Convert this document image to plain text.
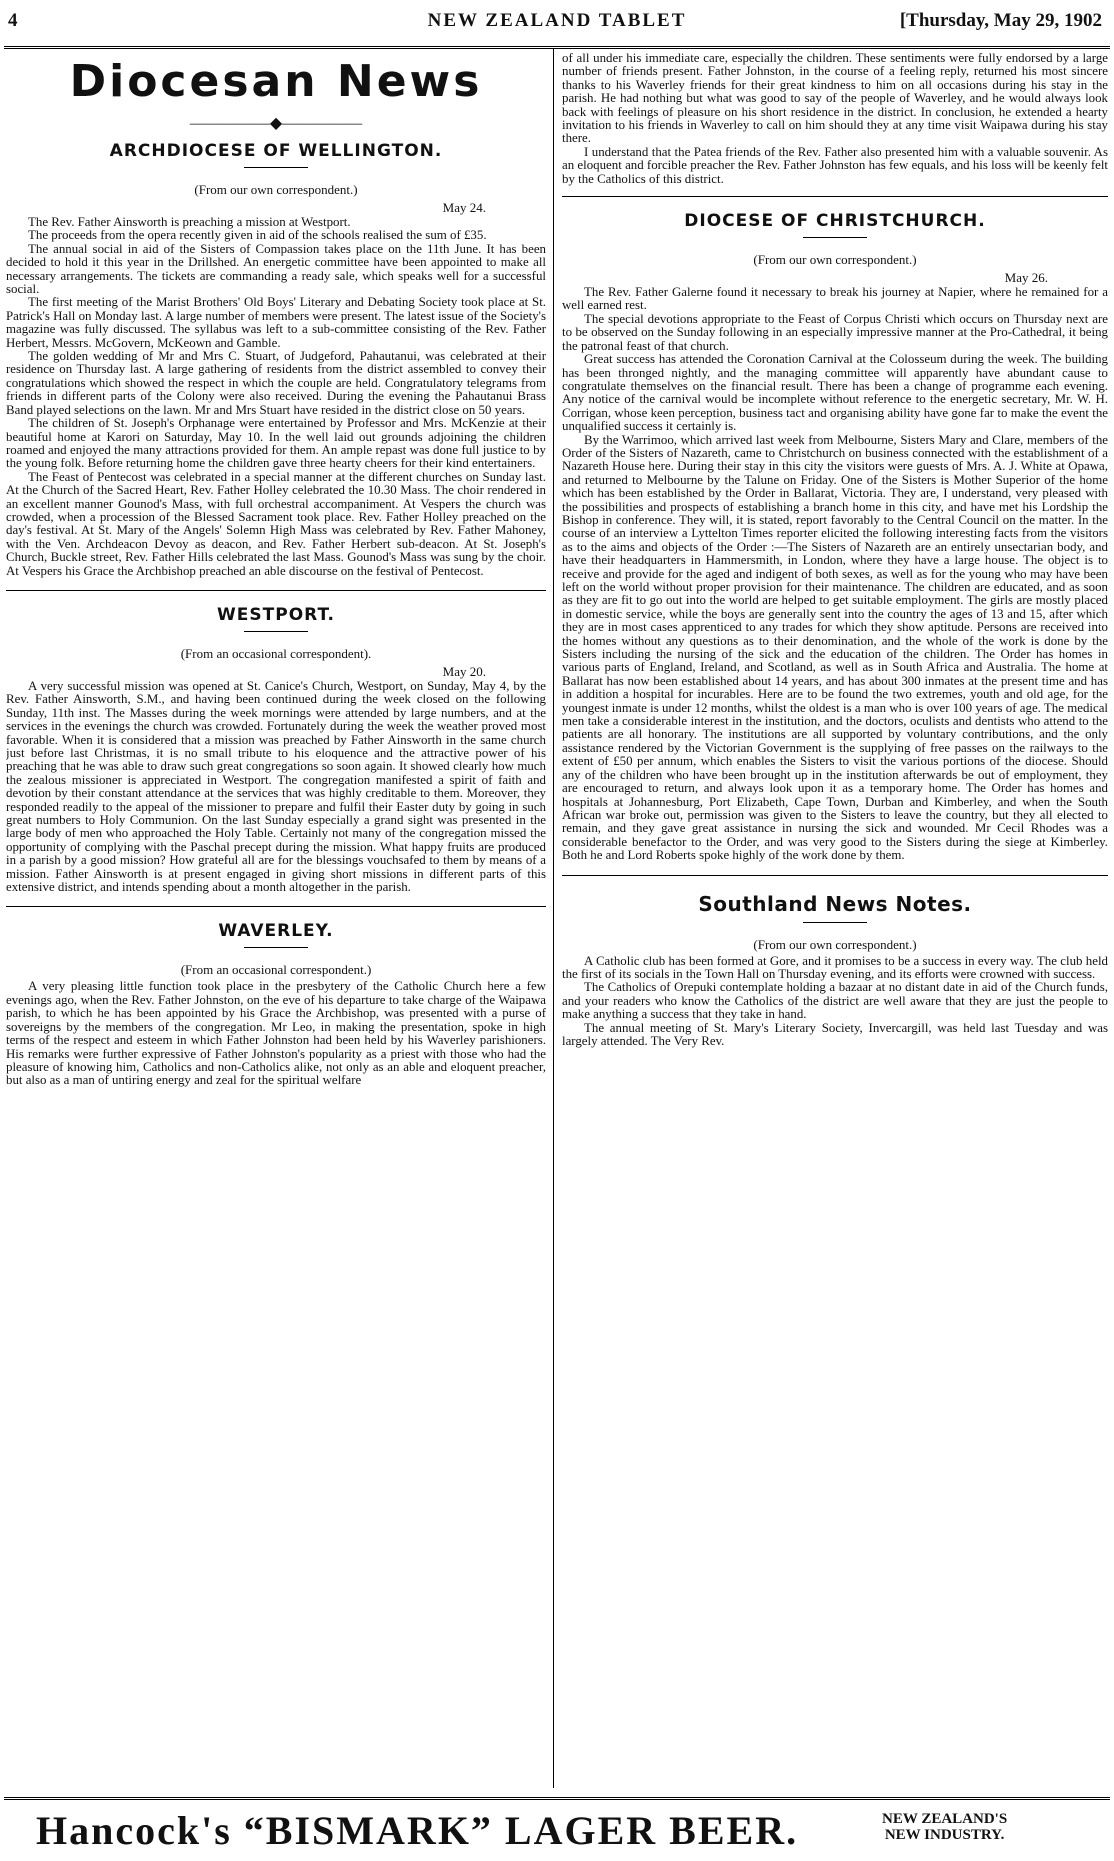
4	NEW ZEALAND TABLET	[Thursday, May 29, 1902
Diocesan News
—————◆—————
ARCHDIOCESE OF WELLINGTON.
(From our own correspondent.)
May 24.

The Rev. Father Ainsworth is preaching a mission at Westport.

The proceeds from the opera recently given in aid of the schools realised the sum of £35.

The annual social in aid of the Sisters of Compassion takes place on the 11th June. It has been decided to hold it this year in the Drillshed. An energetic committee have been appointed to make all necessary arrangements. The tickets are commanding a ready sale, which speaks well for a successful social.

The first meeting of the Marist Brothers' Old Boys' Literary and Debating Society took place at St. Patrick's Hall on Monday last. A large number of members were present. The latest issue of the Society's magazine was fully discussed. The syllabus was left to a sub-committee consisting of the Rev. Father Herbert, Messrs. McGovern, McKeown and Gamble.

The golden wedding of Mr and Mrs C. Stuart, of Judgeford, Pahautanui, was celebrated at their residence on Thursday last. A large gathering of residents from the district assembled to convey their congratulations which showed the respect in which the couple are held. Congratulatory telegrams from friends in different parts of the Colony were also received. During the evening the Pahautanui Brass Band played selections on the lawn. Mr and Mrs Stuart have resided in the district close on 50 years.

The children of St. Joseph's Orphanage were entertained by Professor and Mrs. McKenzie at their beautiful home at Karori on Saturday, May 10. In the well laid out grounds adjoining the children roamed and enjoyed the many attractions provided for them. An ample repast was done full justice to by the young folk. Before returning home the children gave three hearty cheers for their kind entertainers.

The Feast of Pentecost was celebrated in a special manner at the different churches on Sunday last. At the Church of the Sacred Heart, Rev. Father Holley celebrated the 10.30 Mass. The choir rendered in an excellent manner Gounod's Mass, with full orchestral accompaniment. At Vespers the church was crowded, when a procession of the Blessed Sacrament took place. Rev. Father Holley preached on the day's festival. At St. Mary of the Angels' Solemn High Mass was celebrated by Rev. Father Mahoney, with the Ven. Archdeacon Devoy as deacon, and Rev. Father Herbert sub-deacon. At St. Joseph's Church, Buckle street, Rev. Father Hills celebrated the last Mass. Gounod's Mass was sung by the choir. At Vespers his Grace the Archbishop preached an able discourse on the festival of Pentecost.

WESTPORT.
(From an occasional correspondent).
May 20.

A very successful mission was opened at St. Canice's Church, Westport, on Sunday, May 4, by the Rev. Father Ainsworth, S.M., and having been continued during the week closed on the following Sunday, 11th inst. The Masses during the week mornings were attended by large numbers, and at the services in the evenings the church was crowded. Fortunately during the week the weather proved most favorable. When it is considered that a mission was preached by Father Ainsworth in the same church just before last Christmas, it is no small tribute to his eloquence and the attractive power of his preaching that he was able to draw such great congregations so soon again. It showed clearly how much the zealous missioner is appreciated in Westport. The congregation manifested a spirit of faith and devotion by their constant attendance at the services that was highly creditable to them. Moreover, they responded readily to the appeal of the missioner to prepare and fulfil their Easter duty by going in such great numbers to Holy Communion. On the last Sunday especially a grand sight was presented in the large body of men who approached the Holy Table. Certainly not many of the congregation missed the opportunity of complying with the Paschal precept during the mission. What happy fruits are produced in a parish by a good mission? How grateful all are for the blessings vouchsafed to them by means of a mission. Father Ainsworth is at present engaged in giving short missions in different parts of this extensive district, and intends spending about a month altogether in the parish.

WAVERLEY.
(From an occasional correspondent.)

A very pleasing little function took place in the presbytery of the Catholic Church here a few evenings ago, when the Rev. Father Johnston, on the eve of his departure to take charge of the Waipawa parish, to which he has been appointed by his Grace the Archbishop, was presented with a purse of sovereigns by the members of the congregation. Mr Leo, in making the presentation, spoke in high terms of the respect and esteem in which Father Johnston had been held by his Waverley parishioners. His remarks were further expressive of Father Johnston's popularity as a priest with those who had the pleasure of knowing him, Catholics and non-Catholics alike, not only as an able and eloquent preacher, but also as a man of untiring energy and zeal for the spiritual welfare

of all under his immediate care, especially the children. These sentiments were fully endorsed by a large number of friends present. Father Johnston, in the course of a feeling reply, returned his most sincere thanks to his Waverley friends for their great kindness to him on all occasions during his stay in the parish. He had nothing but what was good to say of the people of Waverley, and he would always look back with feelings of pleasure on his short residence in the district. In conclusion, he extended a hearty invitation to his friends in Waverley to call on him should they at any time visit Waipawa during his stay there.

I understand that the Patea friends of the Rev. Father also presented him with a valuable souvenir. As an eloquent and forcible preacher the Rev. Father Johnston has few equals, and his loss will be keenly felt by the Catholics of this district.

DIOCESE OF CHRISTCHURCH.
(From our own correspondent.)
May 26.

The Rev. Father Galerne found it necessary to break his journey at Napier, where he remained for a well earned rest.

The special devotions appropriate to the Feast of Corpus Christi which occurs on Thursday next are to be observed on the Sunday following in an especially impressive manner at the Pro-Cathedral, it being the patronal feast of that church.

Great success has attended the Coronation Carnival at the Colosseum during the week. The building has been thronged nightly, and the managing committee will apparently have abundant cause to congratulate themselves on the financial result. There has been a change of programme each evening. Any notice of the carnival would be incomplete without reference to the energetic secretary, Mr. W. H. Corrigan, whose keen perception, business tact and organising ability have gone far to make the event the unqualified success it certainly is.

By the Warrimoo, which arrived last week from Melbourne, Sisters Mary and Clare, members of the Order of the Sisters of Nazareth, came to Christchurch on business connected with the establishment of a Nazareth House here. During their stay in this city the visitors were guests of Mrs. A. J. White at Opawa, and returned to Melbourne by the Talune on Friday. One of the Sisters is Mother Superior of the home which has been established by the Order in Ballarat, Victoria. They are, I understand, very pleased with the possibilities and prospects of establishing a branch home in this city, and have met his Lordship the Bishop in conference. They will, it is stated, report favorably to the Central Council on the matter. In the course of an interview a Lyttelton Times reporter elicited the following interesting facts from the visitors as to the aims and objects of the Order :—The Sisters of Nazareth are an entirely unsectarian body, and have their headquarters in Hammersmith, in London, where they have a large house. The object is to receive and provide for the aged and indigent of both sexes, as well as for the young who may have been left on the world without proper provision for their maintenance. The children are educated, and as soon as they are fit to go out into the world are helped to get suitable employment. The girls are mostly placed in domestic service, while the boys are generally sent into the country the ages of 13 and 15, after which they are in most cases apprenticed to any trades for which they show aptitude. Persons are received into the homes without any questions as to their denomination, and the whole of the work is done by the Sisters including the nursing of the sick and the education of the children. The Order has homes in various parts of England, Ireland, and Scotland, as well as in South Africa and Australia. The home at Ballarat has now been established about 14 years, and has about 300 inmates at the present time and has in addition a hospital for incurables. Here are to be found the two extremes, youth and old age, for the youngest inmate is under 12 months, whilst the oldest is a man who is over 100 years of age. The medical men take a considerable interest in the institution, and the doctors, oculists and dentists who attend to the patients are all honorary. The institutions are all supported by voluntary contributions, and the only assistance rendered by the Victorian Government is the supplying of free passes on the railways to the extent of £50 per annum, which enables the Sisters to visit the various portions of the diocese. Should any of the children who have been brought up in the institution afterwards be out of employment, they are encouraged to return, and always look upon it as a temporary home. The Order has homes and hospitals at Johannesburg, Port Elizabeth, Cape Town, Durban and Kimberley, and when the South African war broke out, permission was given to the Sisters to leave the country, but they all elected to remain, and they gave great assistance in nursing the sick and wounded. Mr Cecil Rhodes was a considerable benefactor to the Order, and was very good to the Sisters during the siege at Kimberley. Both he and Lord Roberts spoke highly of the work done by them.

Southland News Notes.
(From our own correspondent.)

A Catholic club has been formed at Gore, and it promises to be a success in every way. The club held the first of its socials in the Town Hall on Thursday evening, and its efforts were crowned with success.

The Catholics of Orepuki contemplate holding a bazaar at no distant date in aid of the Church funds, and your readers who know the Catholics of the district are well aware that they are just the people to make anything a success that they take in hand.

The annual meeting of St. Mary's Literary Society, Invercargill, was held last Tuesday and was largely attended. The Very Rev.

Hancock's “BISMARK” LAGER BEER.	NEW ZEALAND'S
NEW INDUSTRY.
